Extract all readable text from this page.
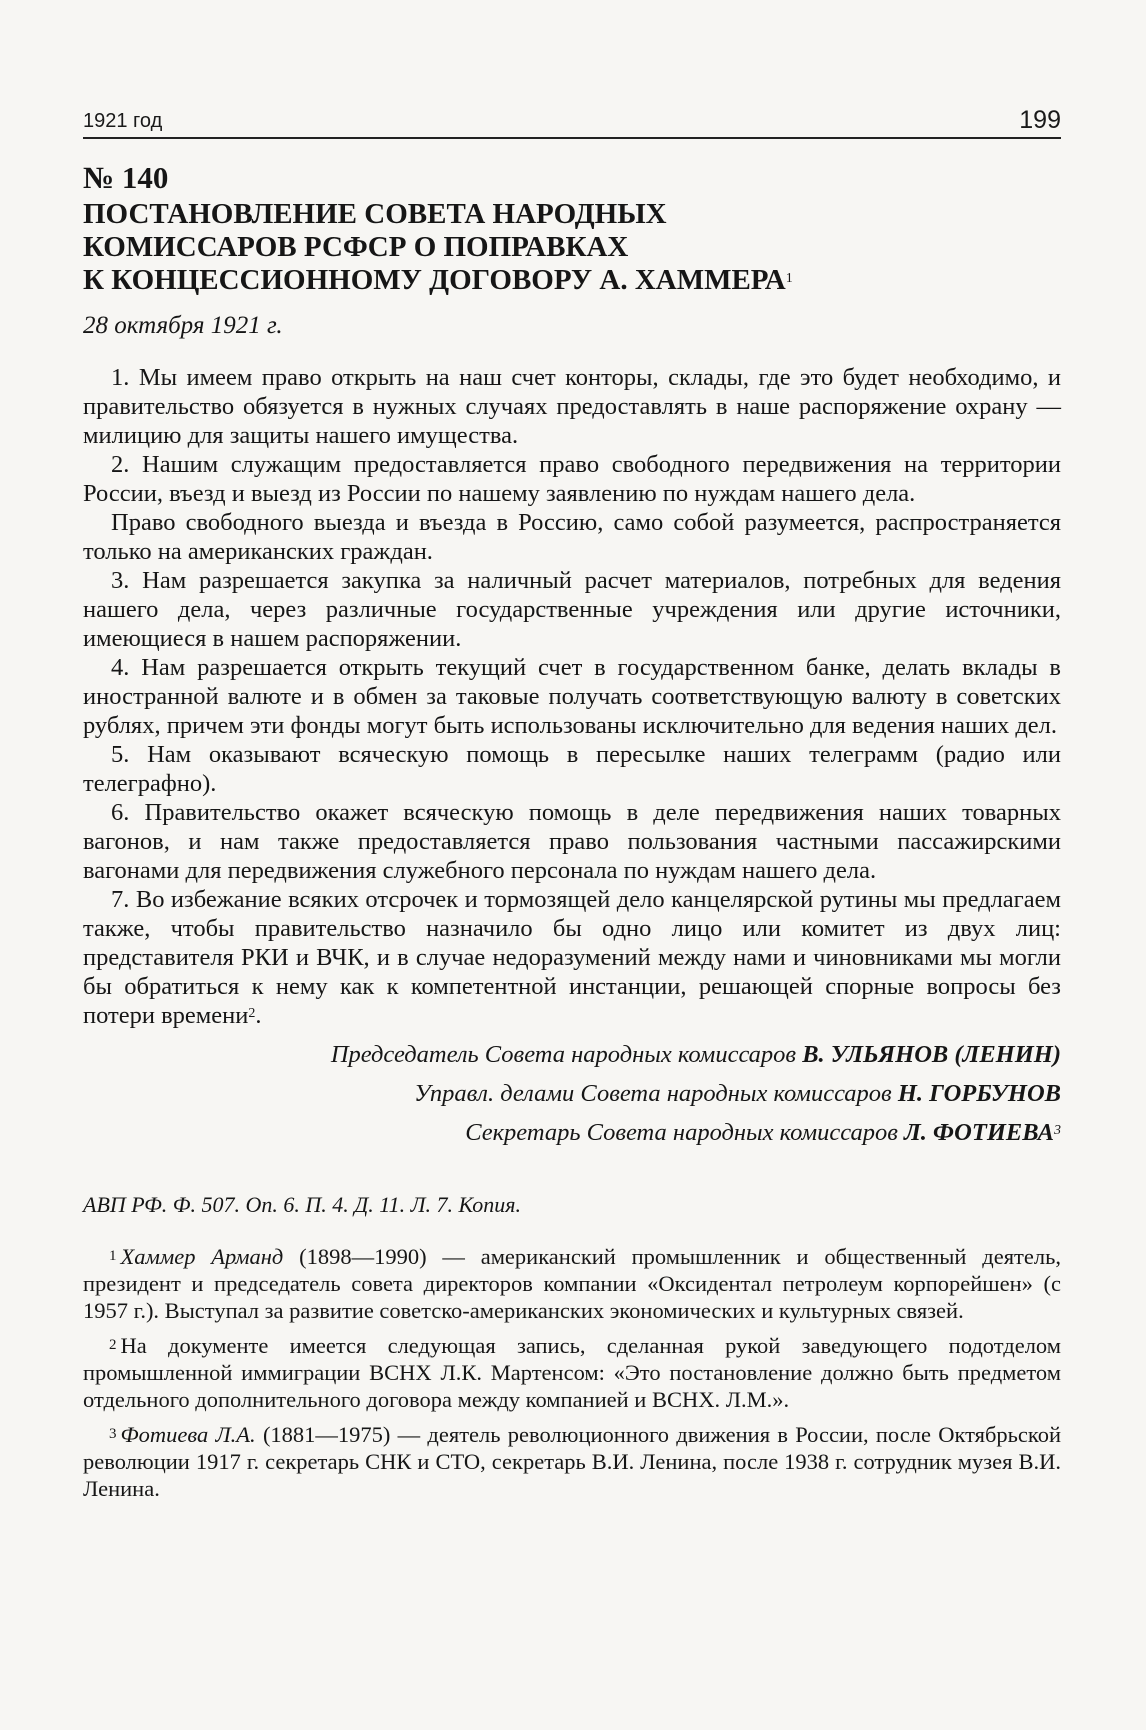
1921 год	199
№ 140
ПОСТАНОВЛЕНИЕ СОВЕТА НАРОДНЫХ
КОМИССАРОВ РСФСР О ПОПРАВКАХ
К КОНЦЕССИОННОМУ ДОГОВОРУ А. ХАММЕРА$^1$
28 октября 1921 г.

1. Мы имеем право открыть на наш счет конторы, склады, где это будет необходимо, и правительство обязуется в нужных случаях предоставлять в наше распоряжение охрану — милицию для защиты нашего имущества.

2. Нашим служащим предоставляется право свободного передвижения на территории России, въезд и выезд из России по нашему заявлению по нуждам нашего дела.

Право свободного выезда и въезда в Россию, само собой разумеется, распространяется только на американских граждан.

3. Нам разрешается закупка за наличный расчет материалов, потребных для ведения нашего дела, через различные государственные учреждения или другие источники, имеющиеся в нашем распоряжении.

4. Нам разрешается открыть текущий счет в государственном банке, делать вклады в иностранной валюте и в обмен за таковые получать соответствующую валюту в советских рублях, причем эти фонды могут быть использованы исключительно для ведения наших дел.

5. Нам оказывают всяческую помощь в пересылке наших телеграмм (радио или телеграфно).

6. Правительство окажет всяческую помощь в деле передвижения наших товарных вагонов, и нам также предоставляется право пользования частными пассажирскими вагонами для передвижения служебного персонала по нуждам нашего дела.

7. Во избежание всяких отсрочек и тормозящей дело канцелярской рутины мы предлагаем также, чтобы правительство назначило бы одно лицо или комитет из двух лиц: представителя РКИ и ВЧК, и в случае недоразумений между нами и чиновниками мы могли бы обратиться к нему как к компетентной инстанции, решающей спорные вопросы без потери времени$^2$.

Председатель Совета народных комиссаров В. УЛЬЯНОВ (ЛЕНИН)
Управл. делами Совета народных комиссаров Н. ГОРБУНОВ
Секретарь Совета народных комиссаров Л. ФОТИЕВА$^3$
АВП РФ. Ф. 507. Оп. 6. П. 4. Д. 11. Л. 7. Копия.

$^1$ Хаммер Арманд (1898—1990) — американский промышленник и общественный деятель, президент и председатель совета директоров компании «Оксидентал петролеум корпорейшен» (с 1957 г.). Выступал за развитие советско-американских экономических и культурных связей.

$^2$ На документе имеется следующая запись, сделанная рукой заведующего подотделом промышленной иммиграции ВСНХ Л.К. Мартенсом: «Это постановление должно быть предметом отдельного дополнительного договора между компанией и ВСНХ. Л.М.».

$^3$ Фотиева Л.А. (1881—1975) — деятель революционного движения в России, после Октябрьской революции 1917 г. секретарь СНК и СТО, секретарь В.И. Ленина, после 1938 г. сотрудник музея В.И. Ленина.
